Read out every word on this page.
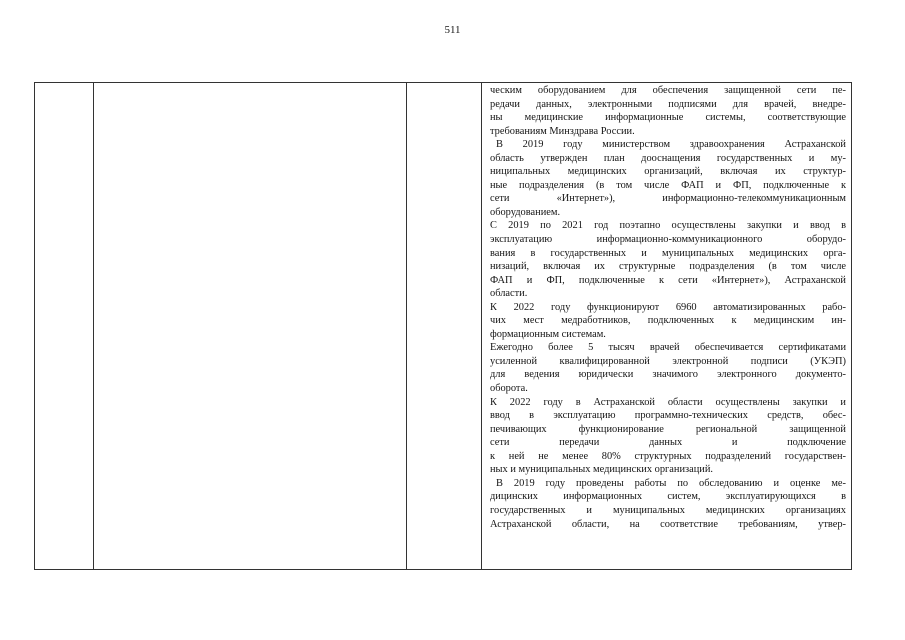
511
ческим оборудованием для обеспечения защищенной сети пе-
редачи данных, электронными подписями для врачей, внедре-
ны медицинские информационные системы, соответствующие
требованиям Минздрава России.
В 2019 году министерством здравоохранения Астраханской
область утвержден план дооснащения государственных и му-
ниципальных медицинских организаций, включая их структур-
ные подразделения (в том числе ФАП и ФП, подключенные к
сети «Интернет»), информационно-телекоммуникационным
оборудованием.
С 2019 по 2021 год поэтапно осуществлены закупки и ввод в
эксплуатацию информационно-коммуникационного оборудо-
вания в государственных и муниципальных медицинских орга-
низаций, включая их структурные подразделения (в том числе
ФАП и ФП, подключенные к сети «Интернет»), Астраханской
области.
К 2022 году функционируют 6960 автоматизированных рабо-
чих мест медработников, подключенных к медицинским ин-
формационным системам.
Ежегодно более 5 тысяч врачей обеспечивается сертификатами
усиленной квалифицированной электронной подписи (УКЭП)
для ведения юридически значимого электронного документо-
оборота.
К 2022 году в Астраханской области осуществлены закупки и
ввод в эксплуатацию программно-технических средств, обес-
печивающих функционирование региональной защищенной
сети передачи данных и подключение
к ней не менее 80% структурных подразделений государствен-
ных и муниципальных медицинских организаций.
В 2019 году проведены работы по обследованию и оценке ме-
дицинских информационных систем, эксплуатирующихся в
государственных и муниципальных медицинских организациях
Астраханской области, на соответствие требованиям, утвер-
